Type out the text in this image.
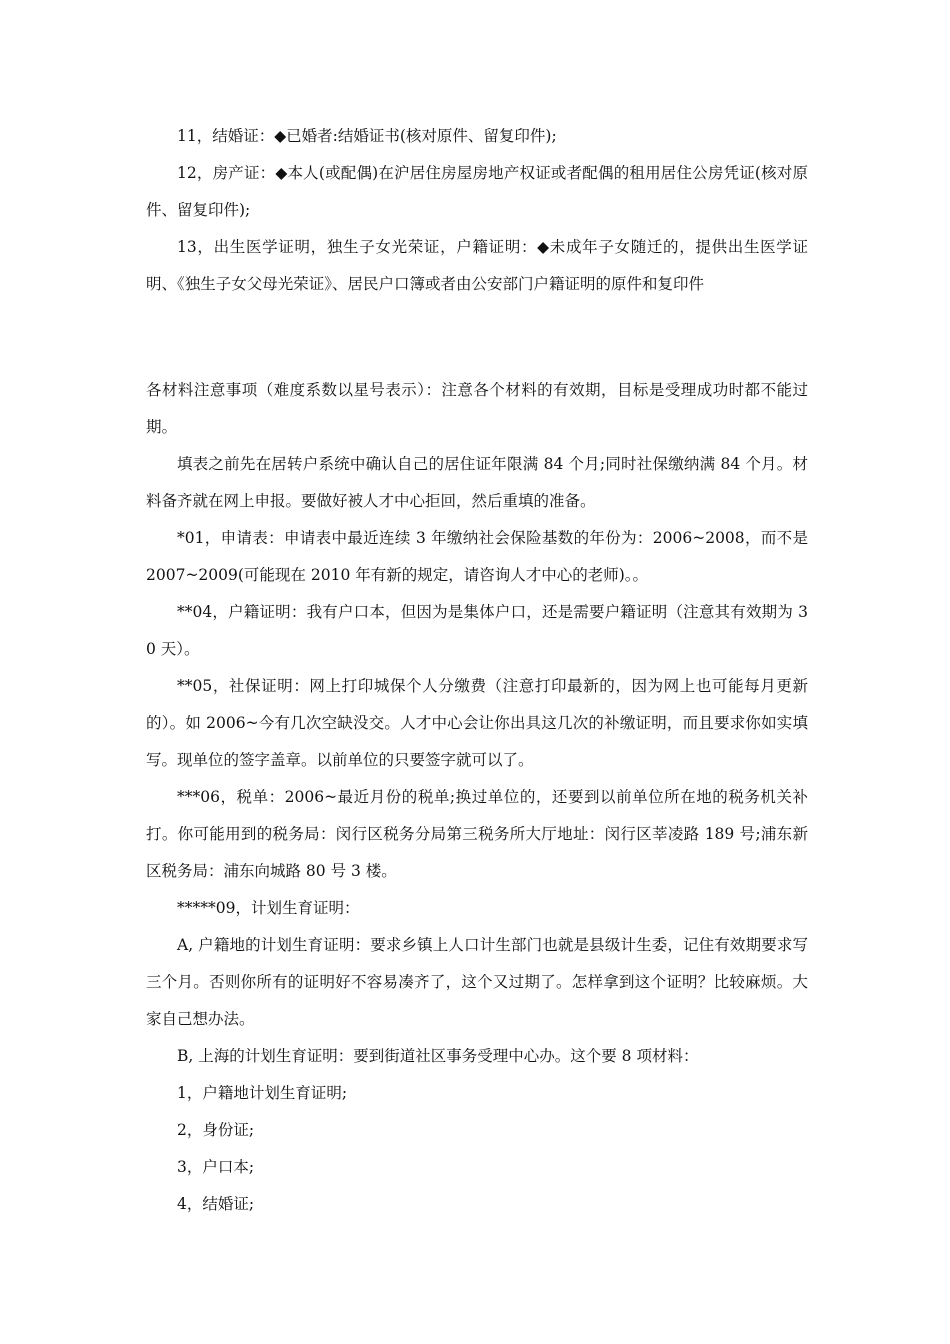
11，结婚证：◆已婚者:结婚证书(核对原件、留复印件);

12，房产证：◆本人(或配偶)在沪居住房屋房地产权证或者配偶的租用居住公房凭证(核对原件、留复印件);

13，出生医学证明，独生子女光荣证，户籍证明：◆未成年子女随迁的，提供出生医学证明、《独生子女父母光荣证》、居民户口簿或者由公安部门户籍证明的原件和复印件

各材料注意事项（难度系数以星号表示）：注意各个材料的有效期，目标是受理成功时都不能过期。

填表之前先在居转户系统中确认自己的居住证年限满 84 个月;同时社保缴纳满 84 个月。材料备齐就在网上申报。要做好被人才中心拒回，然后重填的准备。

*01，申请表：申请表中最近连续 3 年缴纳社会保险基数的年份为：2006~2008，而不是 2007~2009(可能现在 2010 年有新的规定，请咨询人才中心的老师)。。

**04，户籍证明：我有户口本，但因为是集体户口，还是需要户籍证明（注意其有效期为 30 天）。

**05，社保证明：网上打印城保个人分缴费（注意打印最新的，因为网上也可能每月更新的）。如 2006~今有几次空缺没交。人才中心会让你出具这几次的补缴证明，而且要求你如实填写。现单位的签字盖章。以前单位的只要签字就可以了。

***06，税单：2006~最近月份的税单;换过单位的，还要到以前单位所在地的税务机关补打。你可能用到的税务局：闵行区税务分局第三税务所大厅地址：闵行区莘凌路 189 号;浦东新区税务局：浦东向城路 80 号 3 楼。

*****09，计划生育证明：

A, 户籍地的计划生育证明：要求乡镇上人口计生部门也就是县级计生委，记住有效期要求写三个月。否则你所有的证明好不容易凑齐了，这个又过期了。怎样拿到这个证明？比较麻烦。大家自己想办法。

B, 上海的计划生育证明：要到街道社区事务受理中心办。这个要 8 项材料：

1，户籍地计划生育证明;

2，身份证;

3，户口本;

4，结婚证;
